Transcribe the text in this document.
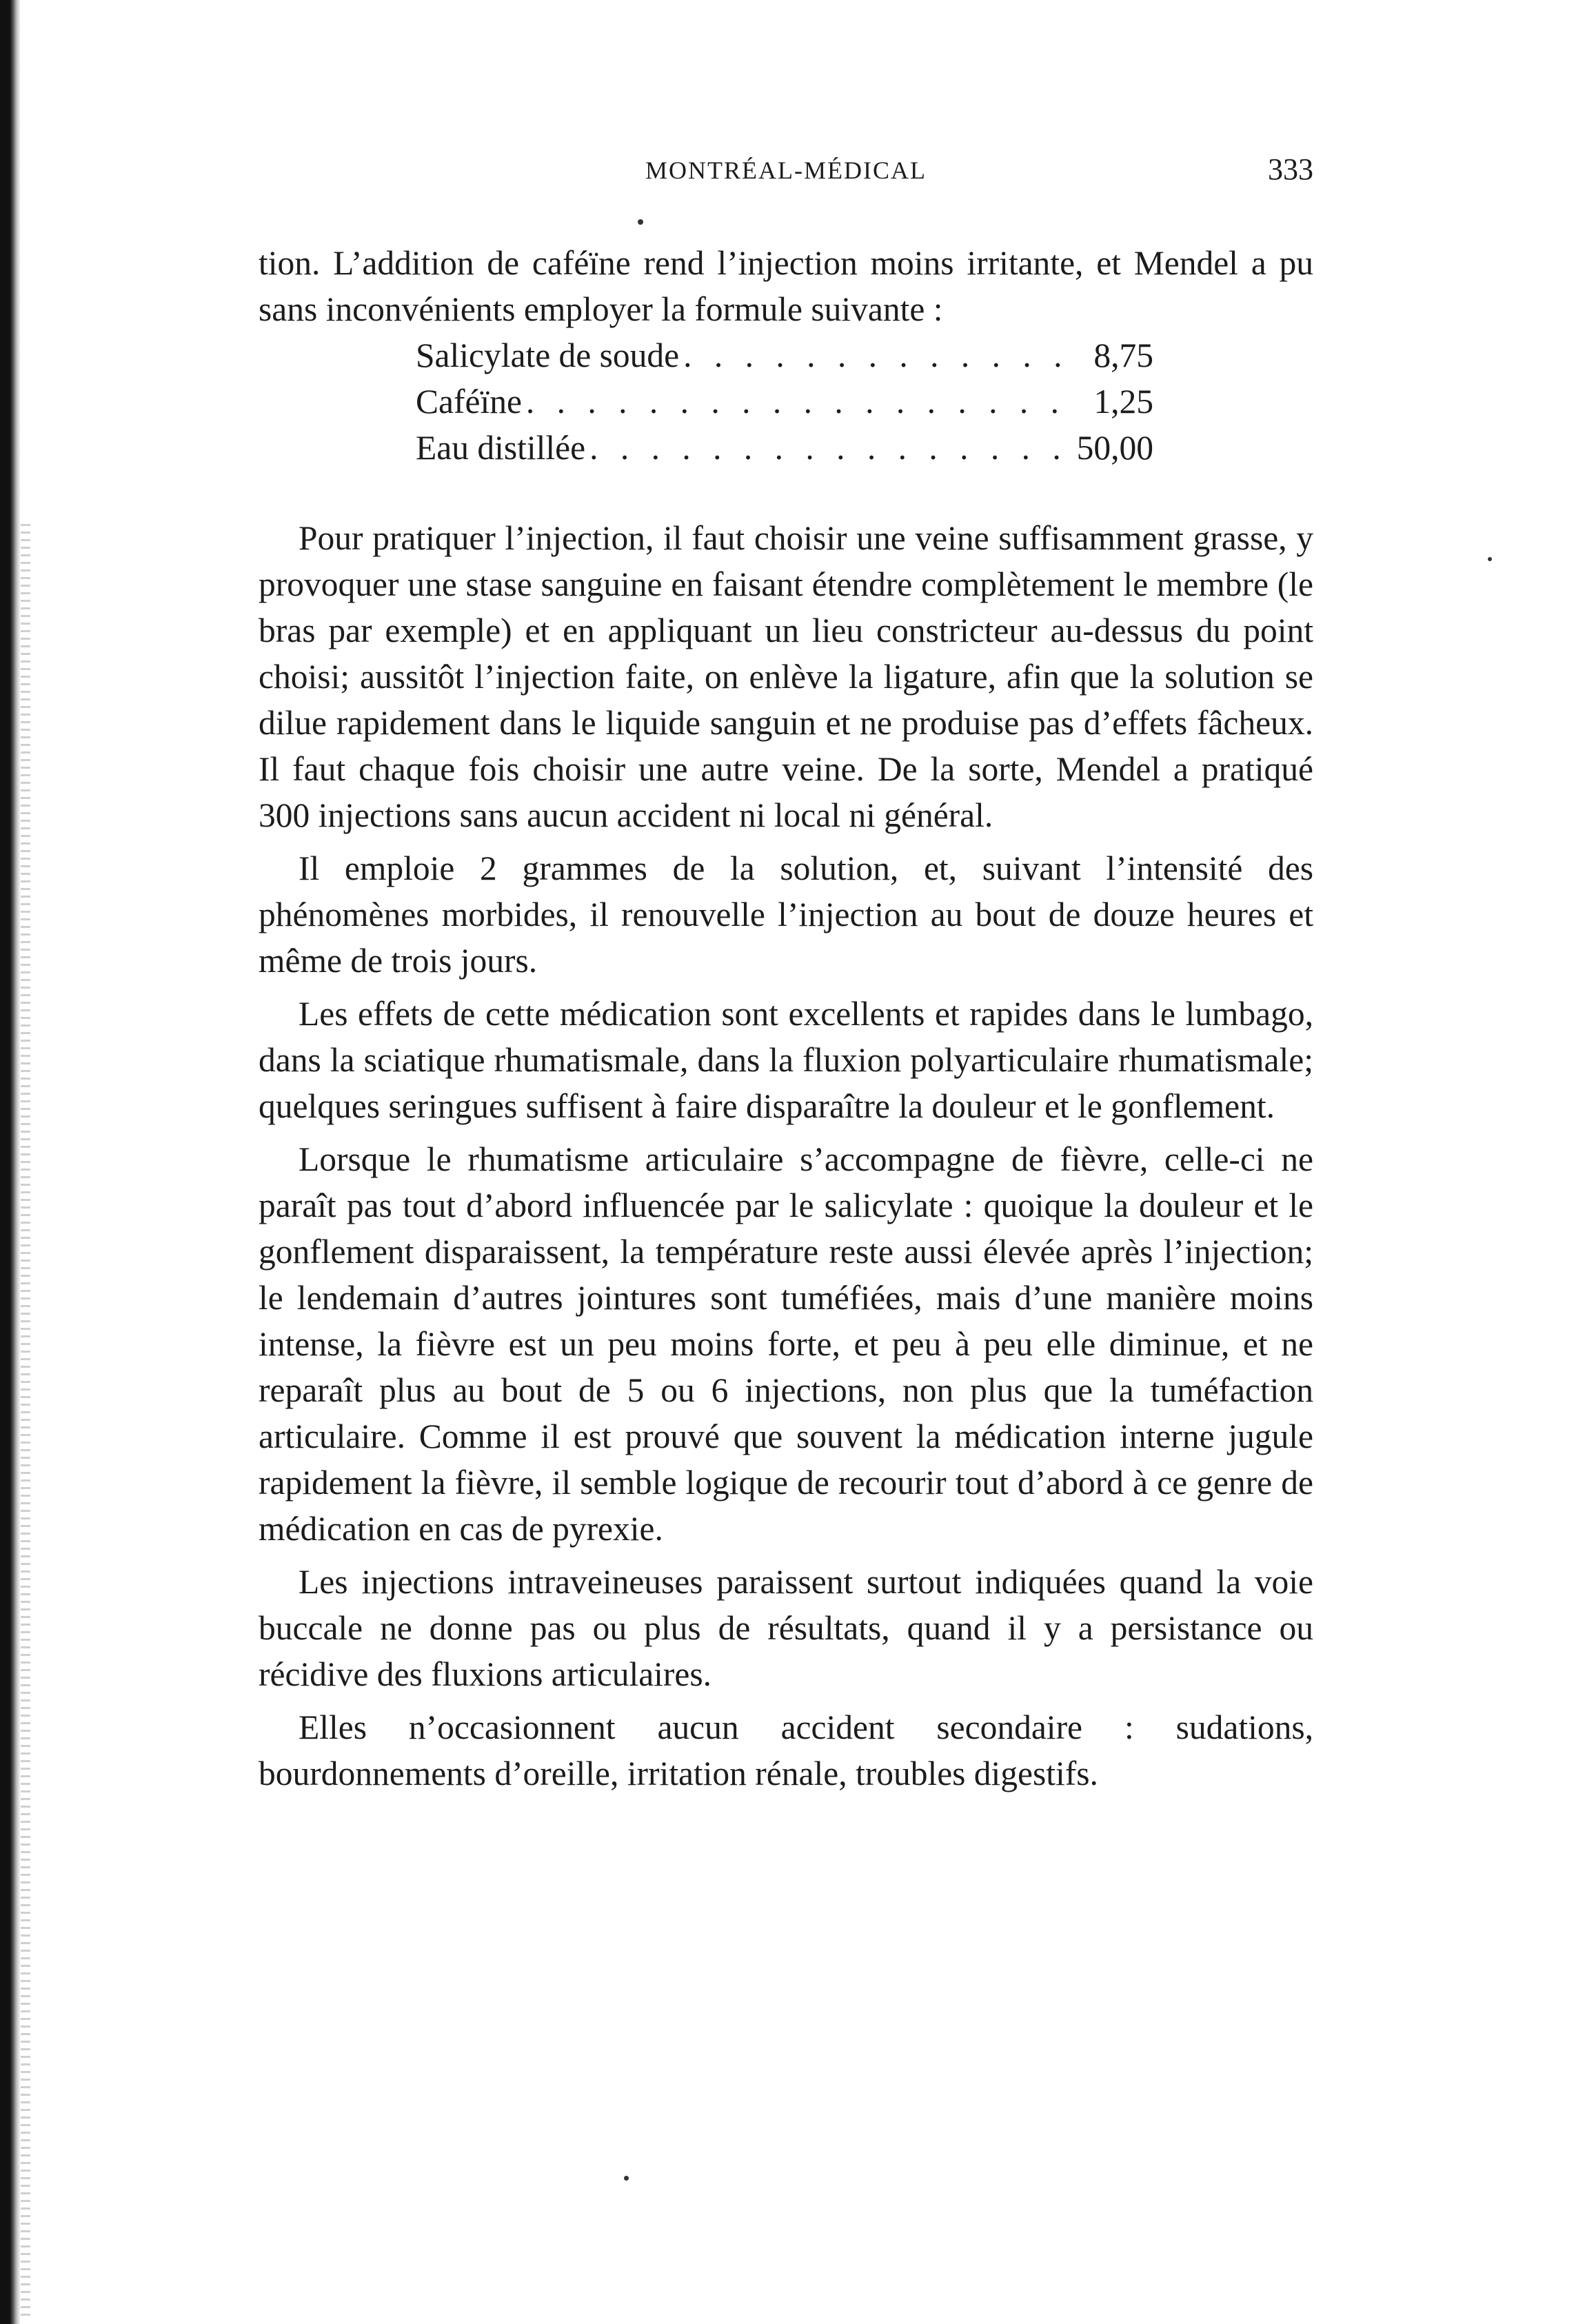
MONTRÉAL-MÉDICAL	333

tion. L’addition de caféïne rend l’injection moins irritante, et Mendel a pu sans inconvénients employer la formule suivante :

Salicylate de soude . . .	8,75
Caféïne . . .	1,25
Eau distillée . . .	50,00

Pour pratiquer l’injection, il faut choisir une veine suffisamment grasse, y provoquer une stase sanguine en faisant étendre complètement le membre (le bras par exemple) et en appliquant un lieu constricteur au-dessus du point choisi; aussitôt l’injection faite, on enlève la ligature, afin que la solution se dilue rapidement dans le liquide sanguin et ne produise pas d’effets fâcheux. Il faut chaque fois choisir une autre veine. De la sorte, Mendel a pratiqué 300 injections sans aucun accident ni local ni général.

Il emploie 2 grammes de la solution, et, suivant l’intensité des phénomènes morbides, il renouvelle l’injection au bout de douze heures et même de trois jours.

Les effets de cette médication sont excellents et rapides dans le lumbago, dans la sciatique rhumatismale, dans la fluxion polyarticulaire rhumatismale; quelques seringues suffisent à faire disparaître la douleur et le gonflement.

Lorsque le rhumatisme articulaire s’accompagne de fièvre, celle-ci ne paraît pas tout d’abord influencée par le salicylate : quoique la douleur et le gonflement disparaissent, la température reste aussi élevée après l’injection; le lendemain d’autres jointures sont tuméfiées, mais d’une manière moins intense, la fièvre est un peu moins forte, et peu à peu elle diminue, et ne reparaît plus au bout de 5 ou 6 injections, non plus que la tuméfaction articulaire. Comme il est prouvé que souvent la médication interne jugule rapidement la fièvre, il semble logique de recourir tout d’abord à ce genre de médication en cas de pyrexie.

Les injections intraveineuses paraissent surtout indiquées quand la voie buccale ne donne pas ou plus de résultats, quand il y a persistance ou récidive des fluxions articulaires.

Elles n’occasionnent aucun accident secondaire : sudations, bourdonnements d’oreille, irritation rénale, troubles digestifs.
